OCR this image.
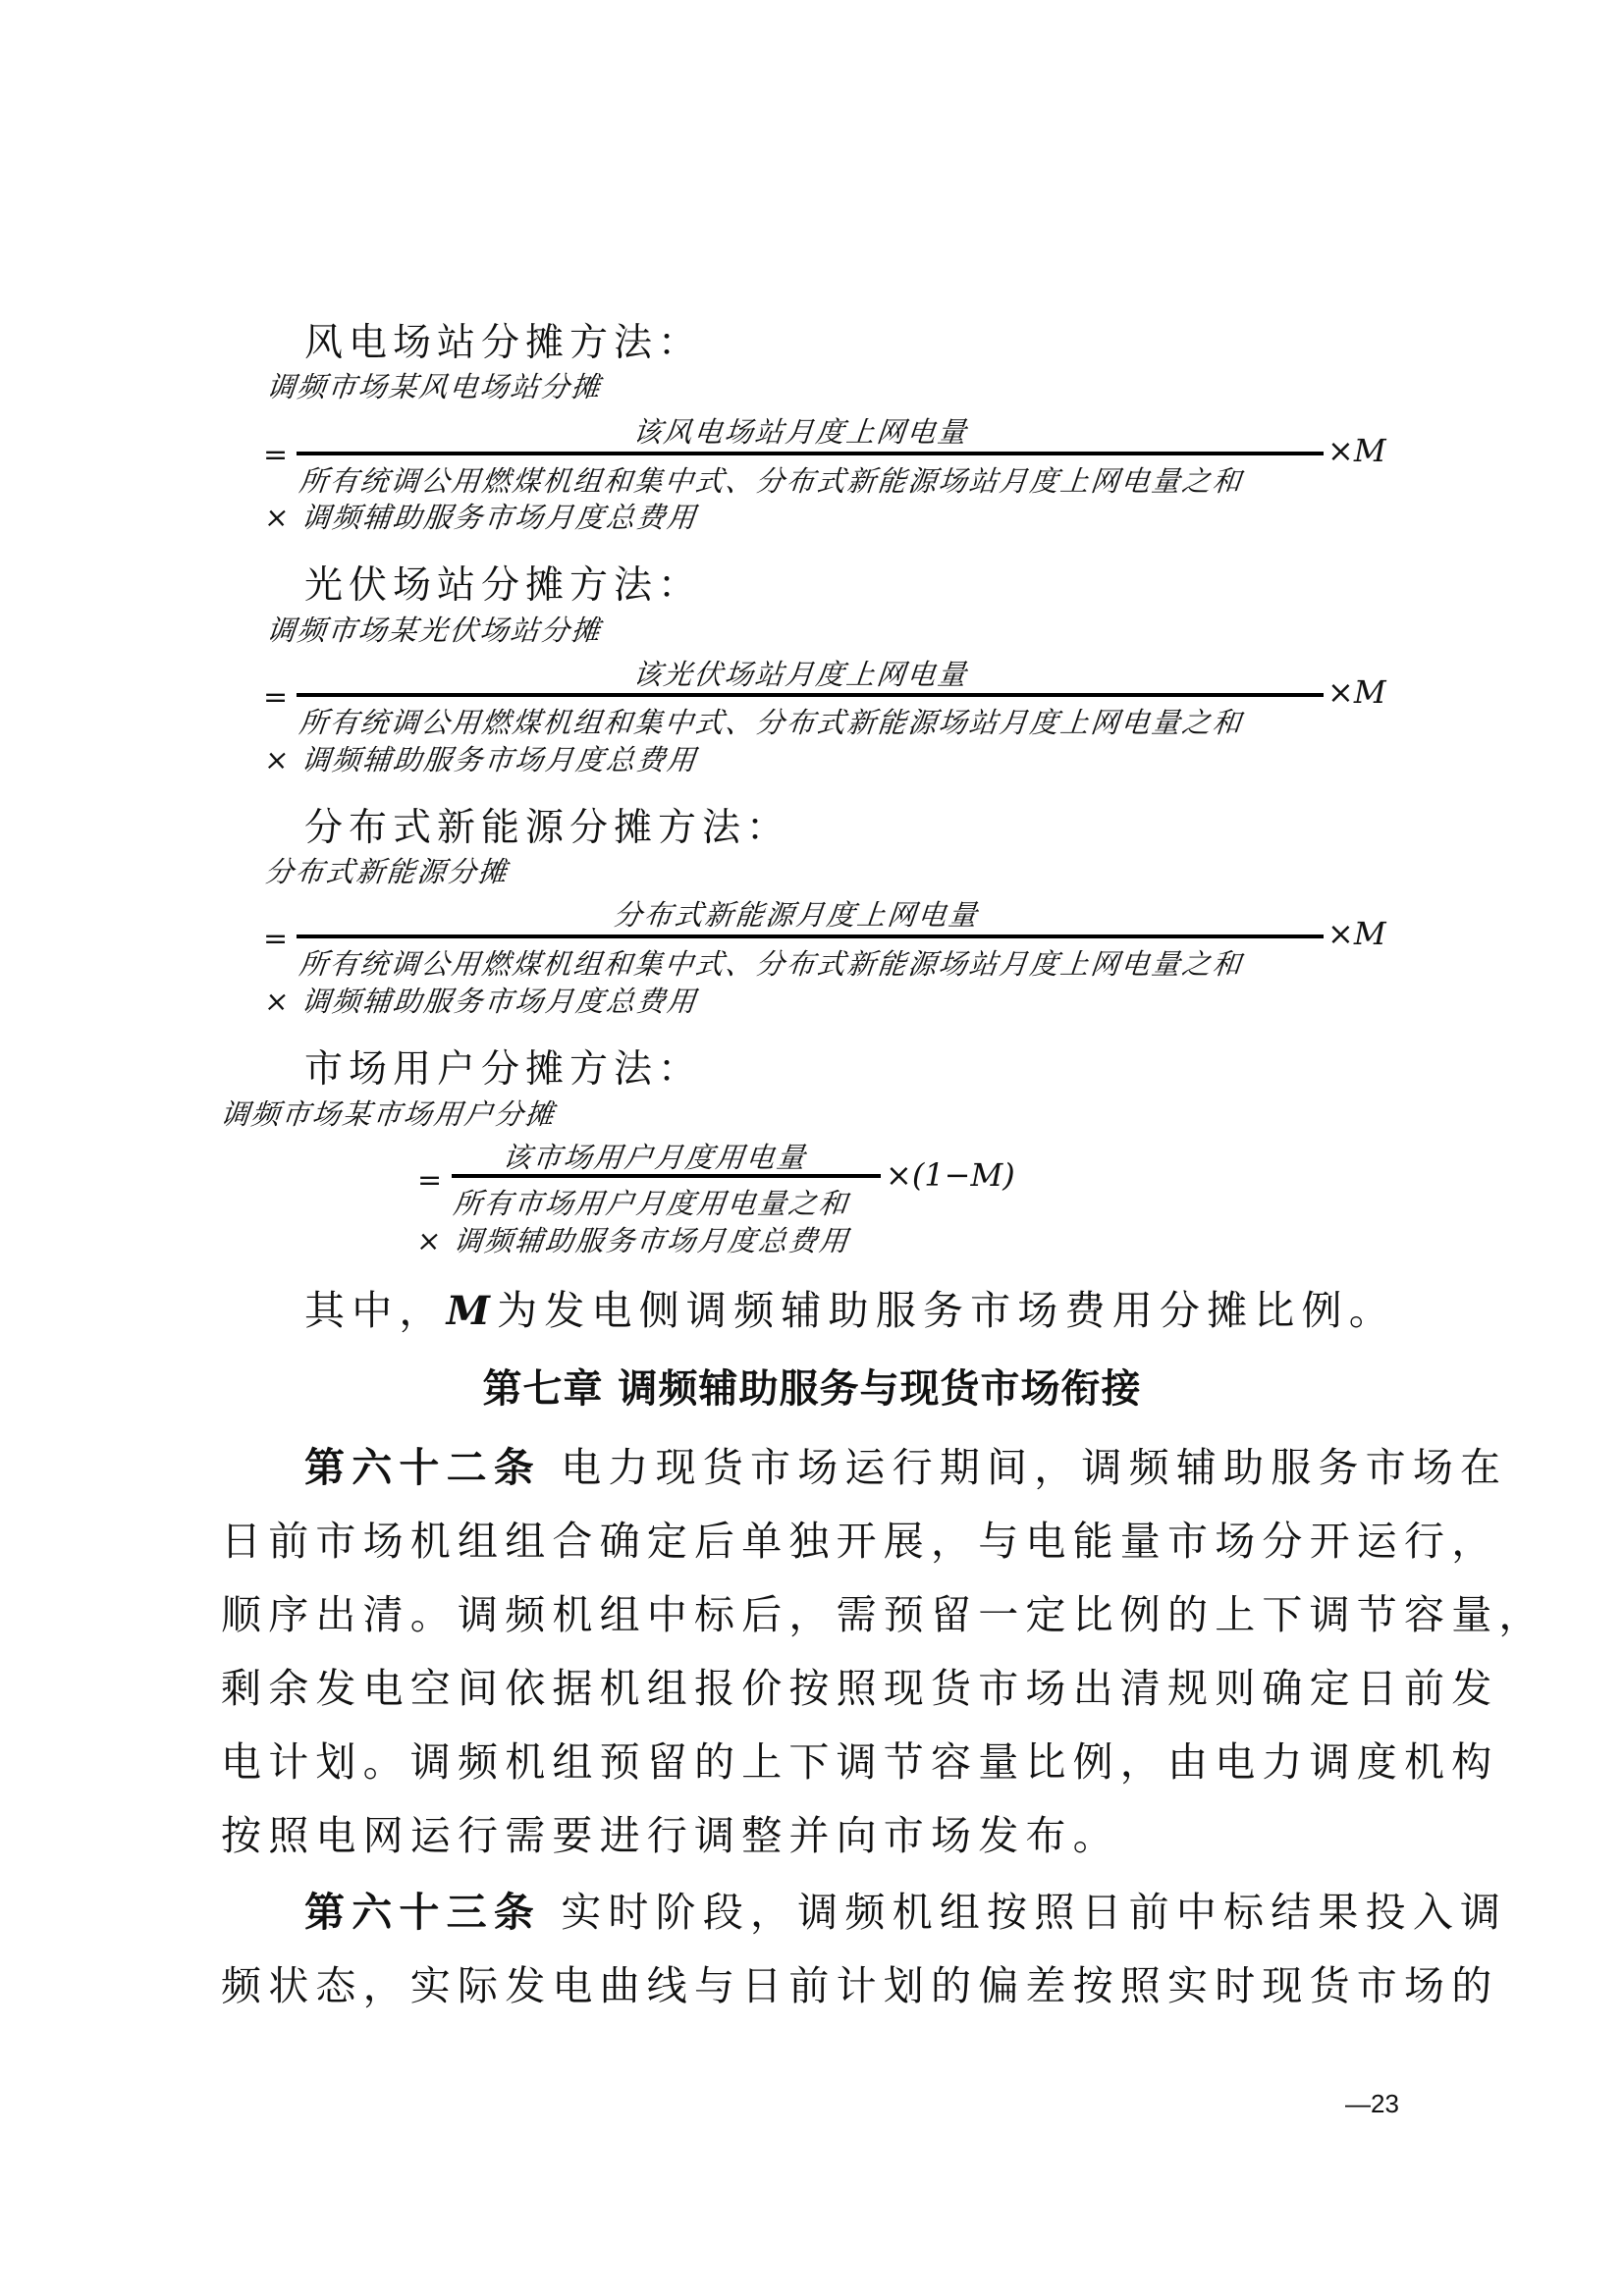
风电场站分摊方法：
调频市场某风电场站分摊
该风电场站月度上网电量
=	×M
所有统调公用燃煤机组和集中式、分布式新能源场站月度上网电量之和
× 调频辅助服务市场月度总费用
光伏场站分摊方法：
调频市场某光伏场站分摊
该光伏场站月度上网电量
=	×M
所有统调公用燃煤机组和集中式、分布式新能源场站月度上网电量之和
× 调频辅助服务市场月度总费用
分布式新能源分摊方法：
分布式新能源分摊
分布式新能源月度上网电量
=	×M
所有统调公用燃煤机组和集中式、分布式新能源场站月度上网电量之和
× 调频辅助服务市场月度总费用
市场用户分摊方法：
调频市场某市场用户分摊
该市场用户月度用电量
=	×(1−M)
所有市场用户月度用电量之和
× 调频辅助服务市场月度总费用
其中，M为发电侧调频辅助服务市场费用分摊比例。
第七章 调频辅助服务与现货市场衔接
第六十二条 电力现货市场运行期间，调频辅助服务市场在
日前市场机组组合确定后单独开展，与电能量市场分开运行，
顺序出清。调频机组中标后，需预留一定比例的上下调节容量，
剩余发电空间依据机组报价按照现货市场出清规则确定日前发
电计划。调频机组预留的上下调节容量比例，由电力调度机构
按照电网运行需要进行调整并向市场发布。
第六十三条 实时阶段，调频机组按照日前中标结果投入调
频状态，实际发电曲线与日前计划的偏差按照实时现货市场的
—23
